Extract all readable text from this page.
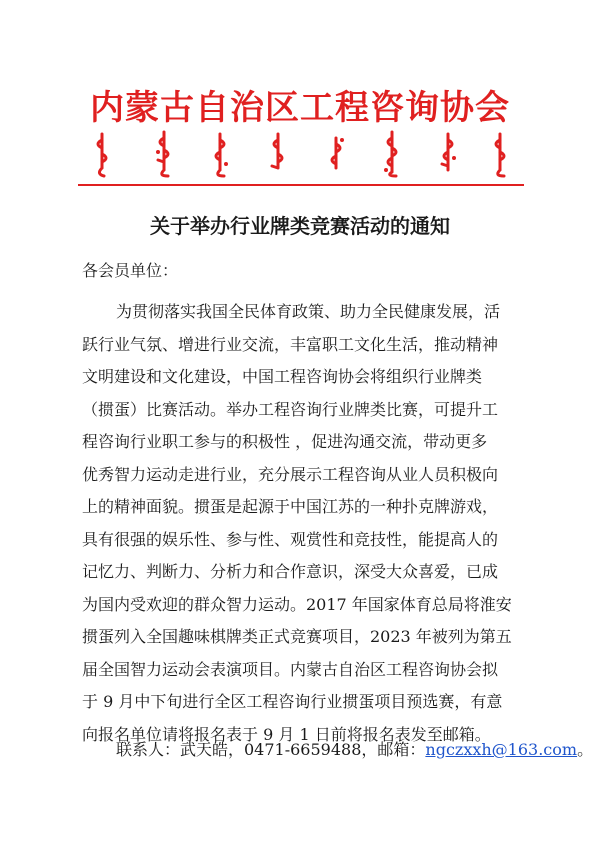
内蒙古自治区工程咨询协会
关于举办行业牌类竞赛活动的通知
各会员单位：
为贯彻落实我国全民体育政策、助力全民健康发展，活
跃行业气氛、增进行业交流，丰富职工文化生活，推动精神
文明建设和文化建设，中国工程咨询协会将组织行业牌类
（掼蛋）比赛活动。举办工程咨询行业牌类比赛，可提升工
程咨询行业职工参与的积极性 ，促进沟通交流，带动更多
优秀智力运动走进行业，充分展示工程咨询从业人员积极向
上的精神面貌。掼蛋是起源于中国江苏的一种扑克牌游戏，
具有很强的娱乐性、参与性、观赏性和竞技性，能提高人的
记忆力、判断力、分析力和合作意识，深受大众喜爱，已成
为国内受欢迎的群众智力运动。2017 年国家体育总局将淮安
掼蛋列入全国趣味棋牌类正式竞赛项目，2023 年被列为第五
届全国智力运动会表演项目。内蒙古自治区工程咨询协会拟
于 9 月中下旬进行全区工程咨询行业掼蛋项目预选赛，有意
向报名单位请将报名表于 9 月 1 日前将报名表发至邮箱。
联系人：武天皓，0471-6659488，邮箱：ngczxxh@163.com。
